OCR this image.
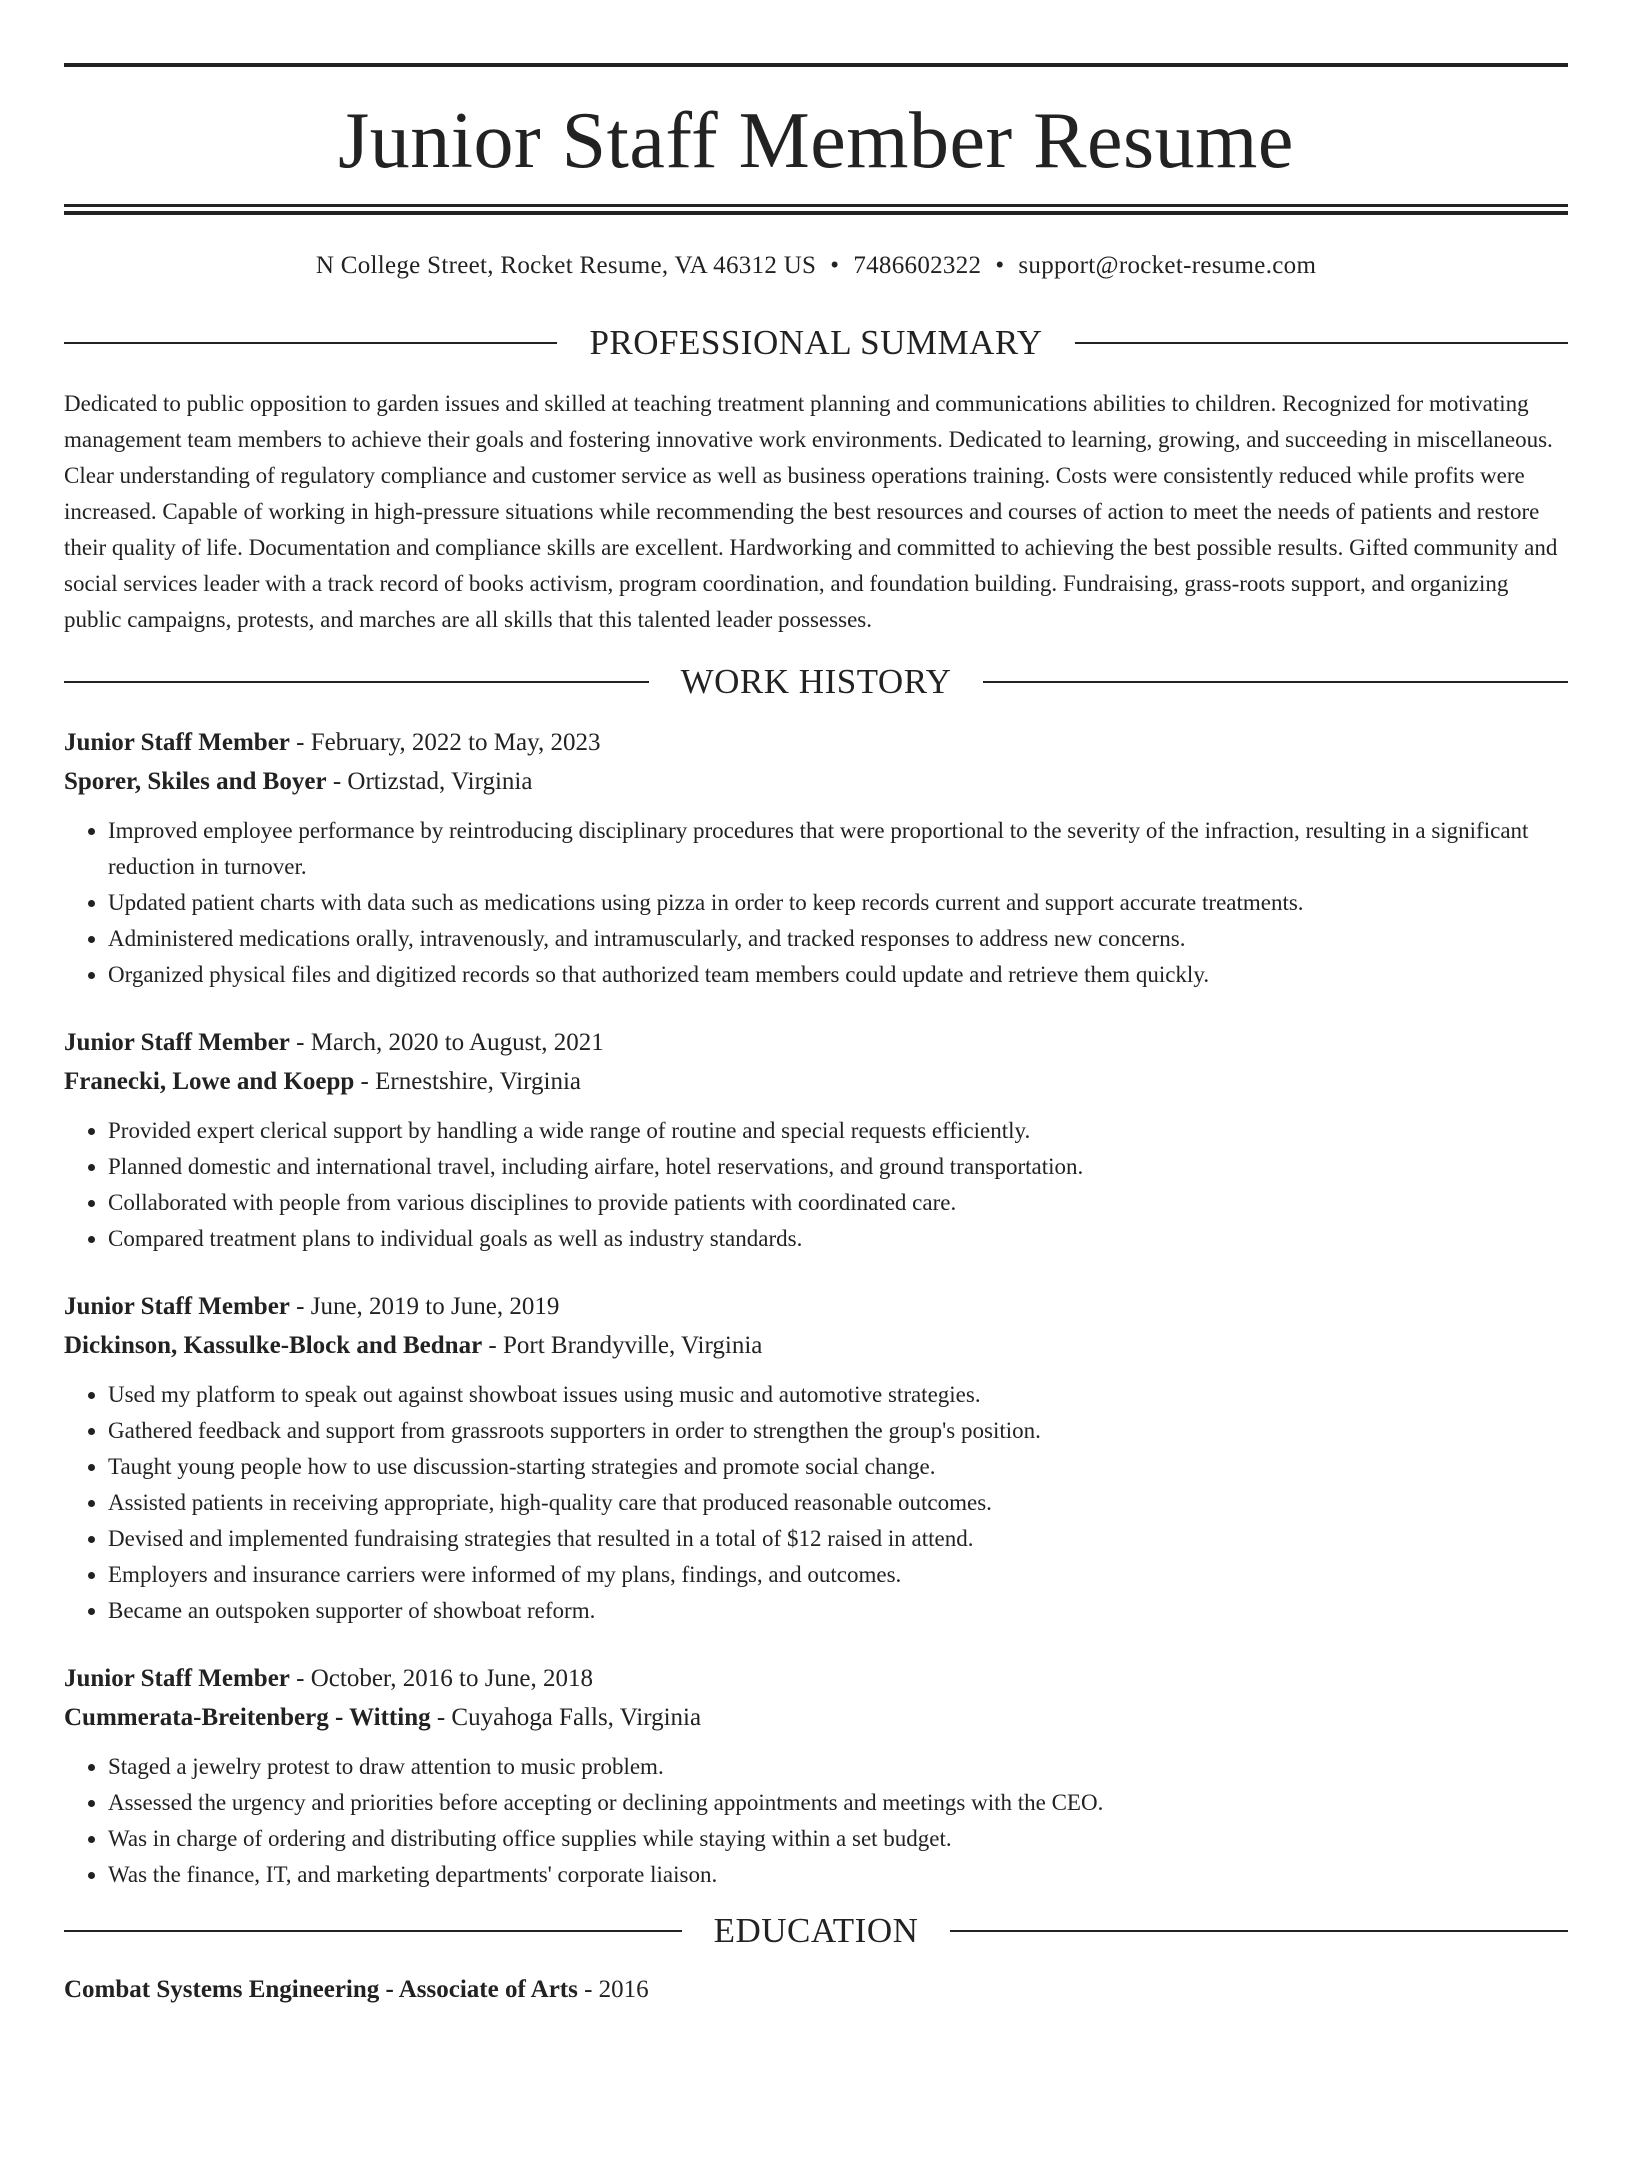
Junior Staff Member Resume
N College Street, Rocket Resume, VA 46312 US • 7486602322 • support@rocket-resume.com
PROFESSIONAL SUMMARY

Dedicated to public opposition to garden issues and skilled at teaching treatment planning and communications abilities to children. Recognized for motivating management team members to achieve their goals and fostering innovative work environments. Dedicated to learning, growing, and succeeding in miscellaneous. Clear understanding of regulatory compliance and customer service as well as business operations training. Costs were consistently reduced while profits were increased. Capable of working in high-pressure situations while recommending the best resources and courses of action to meet the needs of patients and restore their quality of life. Documentation and compliance skills are excellent. Hardworking and committed to achieving the best possible results. Gifted community and social services leader with a track record of books activism, program coordination, and foundation building. Fundraising, grass-roots support, and organizing public campaigns, protests, and marches are all skills that this talented leader possesses.

WORK HISTORY
Junior Staff Member - February, 2022 to May, 2023
Sporer, Skiles and Boyer - Ortizstad, Virginia
• Improved employee performance by reintroducing disciplinary procedures that were proportional to the severity of the infraction, resulting in a significant reduction in turnover.
• Updated patient charts with data such as medications using pizza in order to keep records current and support accurate treatments.
• Administered medications orally, intravenously, and intramuscularly, and tracked responses to address new concerns.
• Organized physical files and digitized records so that authorized team members could update and retrieve them quickly.
Junior Staff Member - March, 2020 to August, 2021
Franecki, Lowe and Koepp - Ernestshire, Virginia
• Provided expert clerical support by handling a wide range of routine and special requests efficiently.
• Planned domestic and international travel, including airfare, hotel reservations, and ground transportation.
• Collaborated with people from various disciplines to provide patients with coordinated care.
• Compared treatment plans to individual goals as well as industry standards.
Junior Staff Member - June, 2019 to June, 2019
Dickinson, Kassulke-Block and Bednar - Port Brandyville, Virginia
• Used my platform to speak out against showboat issues using music and automotive strategies.
• Gathered feedback and support from grassroots supporters in order to strengthen the group's position.
• Taught young people how to use discussion-starting strategies and promote social change.
• Assisted patients in receiving appropriate, high-quality care that produced reasonable outcomes.
• Devised and implemented fundraising strategies that resulted in a total of $12 raised in attend.
• Employers and insurance carriers were informed of my plans, findings, and outcomes.
• Became an outspoken supporter of showboat reform.
Junior Staff Member - October, 2016 to June, 2018
Cummerata-Breitenberg - Witting - Cuyahoga Falls, Virginia
• Staged a jewelry protest to draw attention to music problem.
• Assessed the urgency and priorities before accepting or declining appointments and meetings with the CEO.
• Was in charge of ordering and distributing office supplies while staying within a set budget.
• Was the finance, IT, and marketing departments' corporate liaison.
EDUCATION
Combat Systems Engineering - Associate of Arts - 2016
